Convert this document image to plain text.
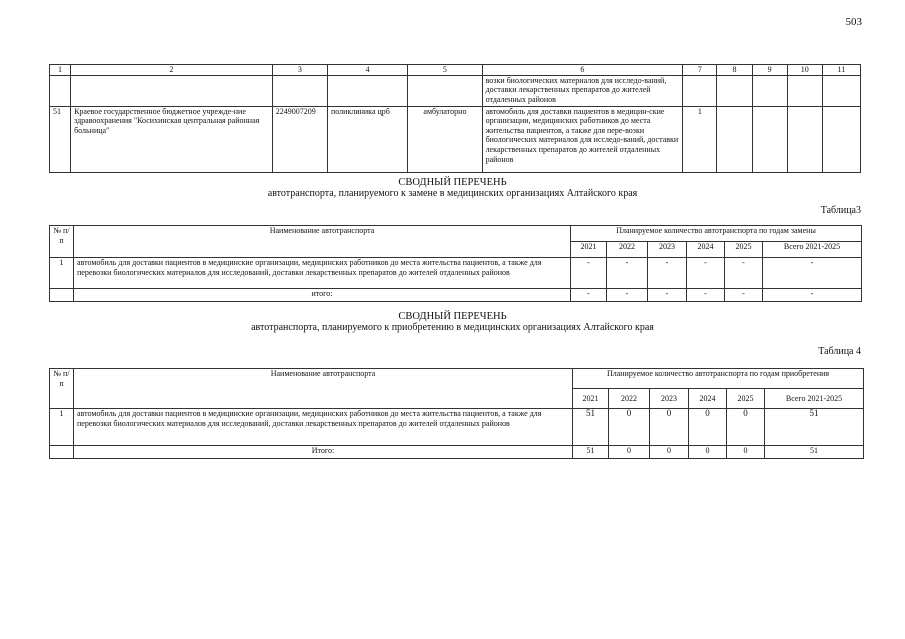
503
1	2	3	4	5	6	7	8	9	10	11
					возки биологических материалов для исследо-ваний, доставки лекарственных препаратов до жителей отдаленных районов					
51	Краевое государственное бюджетное учрежде-ние здравоохранения "Косихинская центральная районная больница"	2249007209	поликлиника црб	амбулаторно	автомобиль для доставки пациентов в медицин-ские организации, медицинских работников до места жительства пациентов, а также для пере-возки биологических материалов для исследо-ваний, доставки лекарственных препаратов до жителей отдаленных районов	1				
СВОДНЫЙ ПЕРЕЧЕНЬ
автотранспорта, планируемого к замене в медицинских организациях Алтайского края
Таблица3
№ п/п	Наименование автотранспорта	Планируемое количество автотранспорта по годам замены					
		2021	2022	2023	2024	2025	Всего 2021-2025
1	автомобиль для доставки пациентов в медицинские организации, медицинских работников до места жительства пациентов, а также для перевозки биологических материалов для исследований, доставки лекарственных препаратов до жителей отдаленных районов	-	-	-	-	-	-
	итого:	-	-	-	-	-	-
СВОДНЫЙ ПЕРЕЧЕНЬ
автотранспорта, планируемого к приобретению в медицинских организациях Алтайского края
Таблица 4
№ п/п	Наименование автотранспорта	Планируемое количество автотранспорта по годам приобретения					
		2021	2022	2023	2024	2025	Всего 2021-2025
1	автомобиль для доставки пациентов в медицинские организации, медицинских работников до места жительства пациентов, а также для перевозки биологических материалов для исследований, доставки лекарственных препаратов до жителей отдаленных районов	51	0	0	0	0	51
	Итого:	51	0	0	0	0	51
